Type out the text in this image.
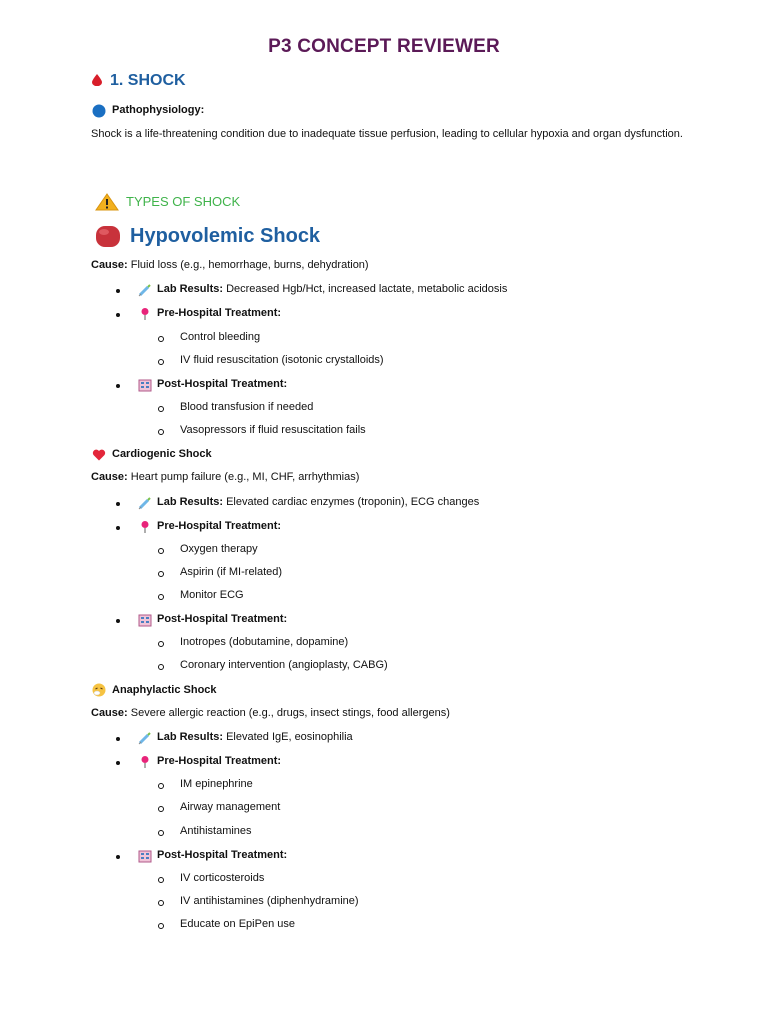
P3 CONCEPT REVIEWER
1. SHOCK
Pathophysiology:
Shock is a life-threatening condition due to inadequate tissue perfusion, leading to cellular hypoxia and organ dysfunction.
TYPES OF SHOCK
Hypovolemic Shock
Cause: Fluid loss (e.g., hemorrhage, burns, dehydration)
Lab Results: Decreased Hgb/Hct, increased lactate, metabolic acidosis
Pre-Hospital Treatment:
Control bleeding
IV fluid resuscitation (isotonic crystalloids)
Post-Hospital Treatment:
Blood transfusion if needed
Vasopressors if fluid resuscitation fails
Cardiogenic Shock
Cause: Heart pump failure (e.g., MI, CHF, arrhythmias)
Lab Results: Elevated cardiac enzymes (troponin), ECG changes
Pre-Hospital Treatment:
Oxygen therapy
Aspirin (if MI-related)
Monitor ECG
Post-Hospital Treatment:
Inotropes (dobutamine, dopamine)
Coronary intervention (angioplasty, CABG)
Anaphylactic Shock
Cause: Severe allergic reaction (e.g., drugs, insect stings, food allergens)
Lab Results: Elevated IgE, eosinophilia
Pre-Hospital Treatment:
IM epinephrine
Airway management
Antihistamines
Post-Hospital Treatment:
IV corticosteroids
IV antihistamines (diphenhydramine)
Educate on EpiPen use
